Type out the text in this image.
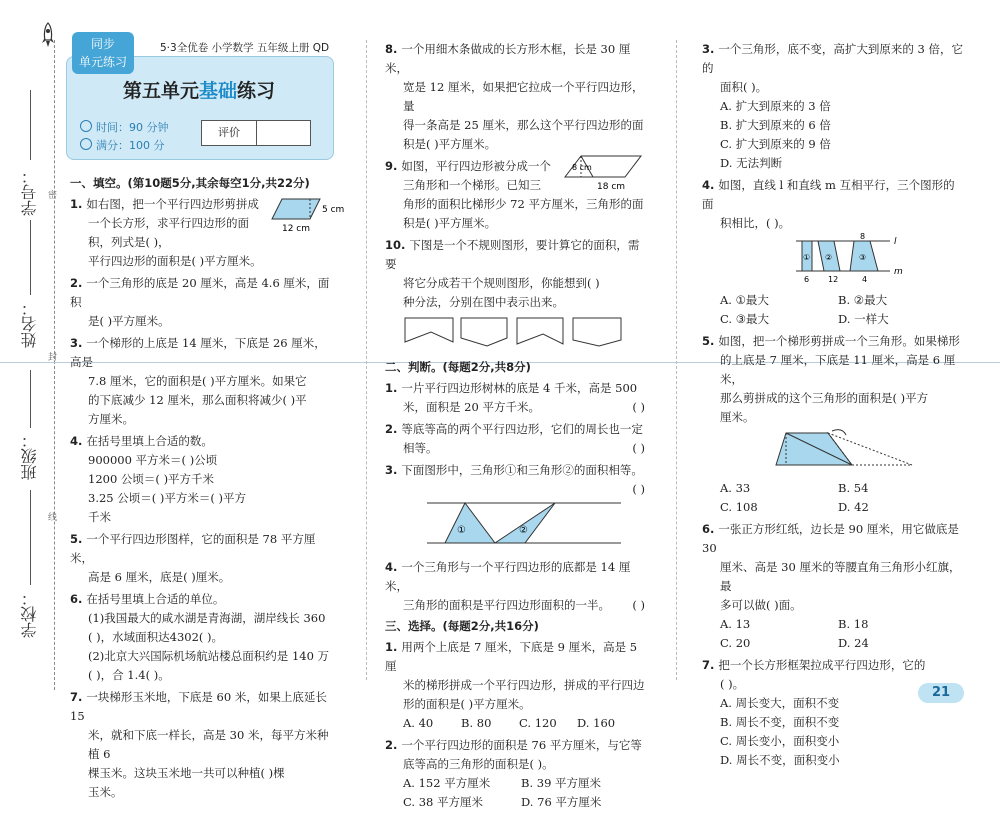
学号：
姓名：
班级：
学校：
密
封
线
同步
单元练习
5·3全优卷 小学数学 五年级上册 QD
第五单元基础练习
时间：90 分钟
满分：100 分
评价
一、填空。(第10题5分,其余每空1分,共22分)
1. 如右图，把一个平行四边形剪拼成
一个长方形，求平行四边形的面
积，列式是( )，
平行四边形的面积是( )平方厘米。
12 cm
5 cm
2. 一个三角形的底是 20 厘米，高是 4.6 厘米，面积
是( )平方厘米。
3. 一个梯形的上底是 14 厘米，下底是 26 厘米，高是
7.8 厘米，它的面积是( )平方厘米。如果它
的下底减少 12 厘米，那么面积将减少( )平
方厘米。
4. 在括号里填上合适的数。
900000 平方米＝( )公顷
1200 公顷＝( )平方千米
3.25 公顷＝( )平方米＝( )平方
千米
5. 一个平行四边形图样，它的面积是 78 平方厘米，
高是 6 厘米，底是( )厘米。
6. 在括号里填上合适的单位。
(1)我国最大的咸水湖是青海湖，湖岸线长 360
( )，水域面积达4302( )。
(2)北京大兴国际机场航站楼总面积约是 140 万
( )，合 1.4( )。
7. 一块梯形玉米地，下底是 60 米，如果上底延长 15
米，就和下底一样长，高是 30 米，每平方米种植 6
棵玉米。这块玉米地一共可以种植( )棵
玉米。
8. 一个用细木条做成的长方形木框，长是 30 厘米，
宽是 12 厘米，如果把它拉成一个平行四边形，量
得一条高是 25 厘米，那么这个平行四边形的面
积是( )平方厘米。
9. 如图，平行四边形被分成一个
三角形和一个梯形。已知三
角形的面积比梯形少 72 平方厘米，三角形的面
积是( )平方厘米。
8 cm
18 cm
10. 下图是一个不规则图形，要计算它的面积，需要
将它分成若干个规则图形，你能想到( )
种分法，分别在图中表示出来。
二、判断。(每题2分,共8分)
1. 一片平行四边形树林的底是 4 千米，高是 500
米，面积是 20 平方千米。	( )
2. 等底等高的两个平行四边形，它们的周长也一定
相等。	( )
3. 下面图形中，三角形①和三角形②的面积相等。
( )
①	②
4. 一个三角形与一个平行四边形的底都是 14 厘米，
三角形的面积是平行四边形面积的一半。 ( )
三、选择。(每题2分,共16分)
1. 用两个上底是 7 厘米，下底是 9 厘米，高是 5 厘
米的梯形拼成一个平行四边形，拼成的平行四边
形的面积是( )平方厘米。
A. 40	B. 80	C. 120	D. 160
2. 一个平行四边形的面积是 76 平方厘米，与它等
底等高的三角形的面积是( )。
A. 152 平方厘米	B. 39 平方厘米
C. 38 平方厘米	D. 76 平方厘米
3. 一个三角形，底不变，高扩大到原来的 3 倍，它的
面积( )。
A. 扩大到原来的 3 倍
B. 扩大到原来的 6 倍
C. 扩大到原来的 9 倍
D. 无法判断
4. 如图，直线 l 和直线 m 互相平行，三个图形的面
积相比，( )。
l
m
8
6 12	4
① ②	③
A. ①最大	B. ②最大
C. ③最大	D. 一样大
5. 如图，把一个梯形剪拼成一个三角形。如果梯形
的上底是 7 厘米，下底是 11 厘米，高是 6 厘米，
那么剪拼成的这个三角形的面积是( )平方
厘米。
A. 33	B. 54
C. 108	D. 42
6. 一张正方形红纸，边长是 90 厘米，用它做底是 30
厘米、高是 30 厘米的等腰直角三角形小红旗，最
多可以做( )面。
A. 13	B. 18
C. 20	D. 24
7. 把一个长方形框架拉成平行四边形，它的
( )。
A. 周长变大，面积不变
B. 周长不变，面积不变
C. 周长变小，面积变小
D. 周长不变，面积变小
21
